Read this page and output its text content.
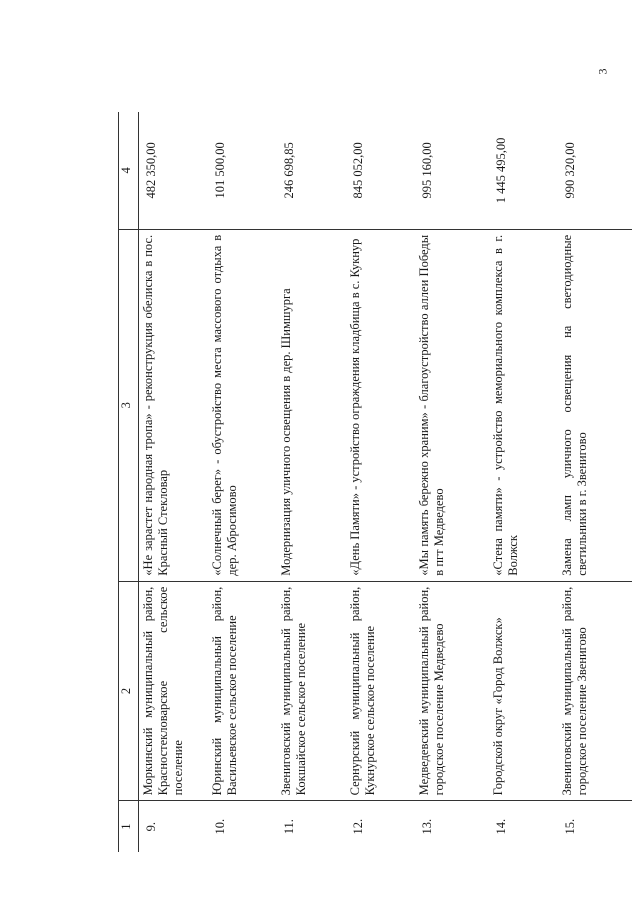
3
1	2	3	4
9.	Моркинский муниципальный район, Красностекловарское сельское поселение	«Не зарастет народная тропа» - реконструкция обелиска в пос. Красный Стекловар	482 350,00
10.	Юринский муниципальный район, Васильевское сельское поселение	«Солнечный берег» - обустройство места массового отдыха в дер. Абросимово	101 500,00
11.	Звениговский муниципальный район, Кокшайское сельское поселение	Модернизация уличного освещения в дер. Шимшурга	246 698,85
12.	Сернурский муниципальный район, Кукнурское сельское поселение	«День Памяти» - устройство ограждения кладбища в с. Кукнур	845 052,00
13.	Медведевский муниципальный район, городское поселение Медведево	«Мы память бережно храним» - благоустройство аллеи Победы в пгт Медведево	995 160,00
14.	Городской округ «Город Волжск»	«Стена памяти» - устройство мемориального комплекса в г. Волжск	1 445 495,00
15.	Звениговский муниципальный район, городское поселение Звенигово	Замена ламп уличного освещения на светодиодные светильники в г. Звенигово	990 320,00
